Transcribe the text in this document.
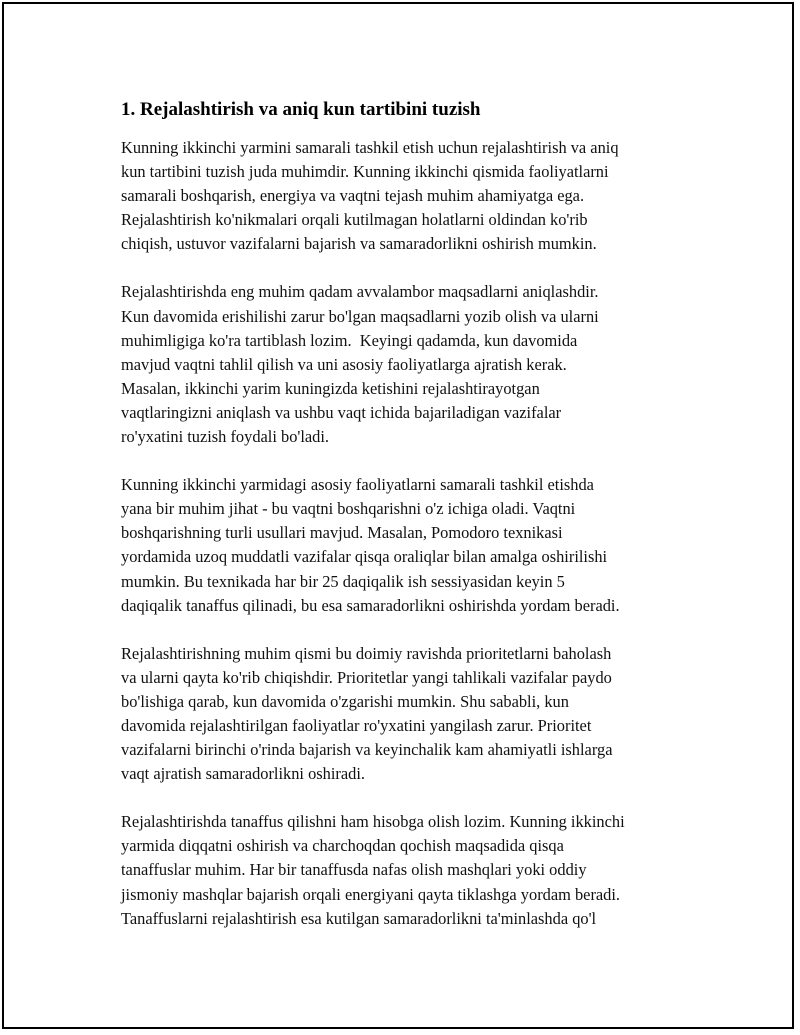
1. Rejalashtirish va aniq kun tartibini tuzish

Kunning ikkinchi yarmini samarali tashkil etish uchun rejalashtirish va aniq
kun tartibini tuzish juda muhimdir. Kunning ikkinchi qismida faoliyatlarni
samarali boshqarish, energiya va vaqtni tejash muhim ahamiyatga ega.
Rejalashtirish ko'nikmalari orqali kutilmagan holatlarni oldindan ko'rib
chiqish, ustuvor vazifalarni bajarish va samaradorlikni oshirish mumkin.

Rejalashtirishda eng muhim qadam avvalambor maqsadlarni aniqlashdir.
Kun davomida erishilishi zarur bo'lgan maqsadlarni yozib olish va ularni
muhimligiga ko'ra tartiblash lozim.  Keyingi qadamda, kun davomida
mavjud vaqtni tahlil qilish va uni asosiy faoliyatlarga ajratish kerak.
Masalan, ikkinchi yarim kuningizda ketishini rejalashtirayotgan
vaqtlaringizni aniqlash va ushbu vaqt ichida bajariladigan vazifalar
ro'yxatini tuzish foydali bo'ladi.

Kunning ikkinchi yarmidagi asosiy faoliyatlarni samarali tashkil etishda
yana bir muhim jihat - bu vaqtni boshqarishni o'z ichiga oladi. Vaqtni
boshqarishning turli usullari mavjud. Masalan, Pomodoro texnikasi
yordamida uzoq muddatli vazifalar qisqa oraliqlar bilan amalga oshirilishi
mumkin. Bu texnikada har bir 25 daqiqalik ish sessiyasidan keyin 5
daqiqalik tanaffus qilinadi, bu esa samaradorlikni oshirishda yordam beradi.

Rejalashtirishning muhim qismi bu doimiy ravishda prioritetlarni baholash
va ularni qayta ko'rib chiqishdir. Prioritetlar yangi tahlikali vazifalar paydo
bo'lishiga qarab, kun davomida o'zgarishi mumkin. Shu sababli, kun
davomida rejalashtirilgan faoliyatlar ro'yxatini yangilash zarur. Prioritet
vazifalarni birinchi o'rinda bajarish va keyinchalik kam ahamiyatli ishlarga
vaqt ajratish samaradorlikni oshiradi.

Rejalashtirishda tanaffus qilishni ham hisobga olish lozim. Kunning ikkinchi
yarmida diqqatni oshirish va charchoqdan qochish maqsadida qisqa
tanaffuslar muhim. Har bir tanaffusda nafas olish mashqlari yoki oddiy
jismoniy mashqlar bajarish orqali energiyani qayta tiklashga yordam beradi.
Tanaffuslarni rejalashtirish esa kutilgan samaradorlikni ta'minlashda qo'l
